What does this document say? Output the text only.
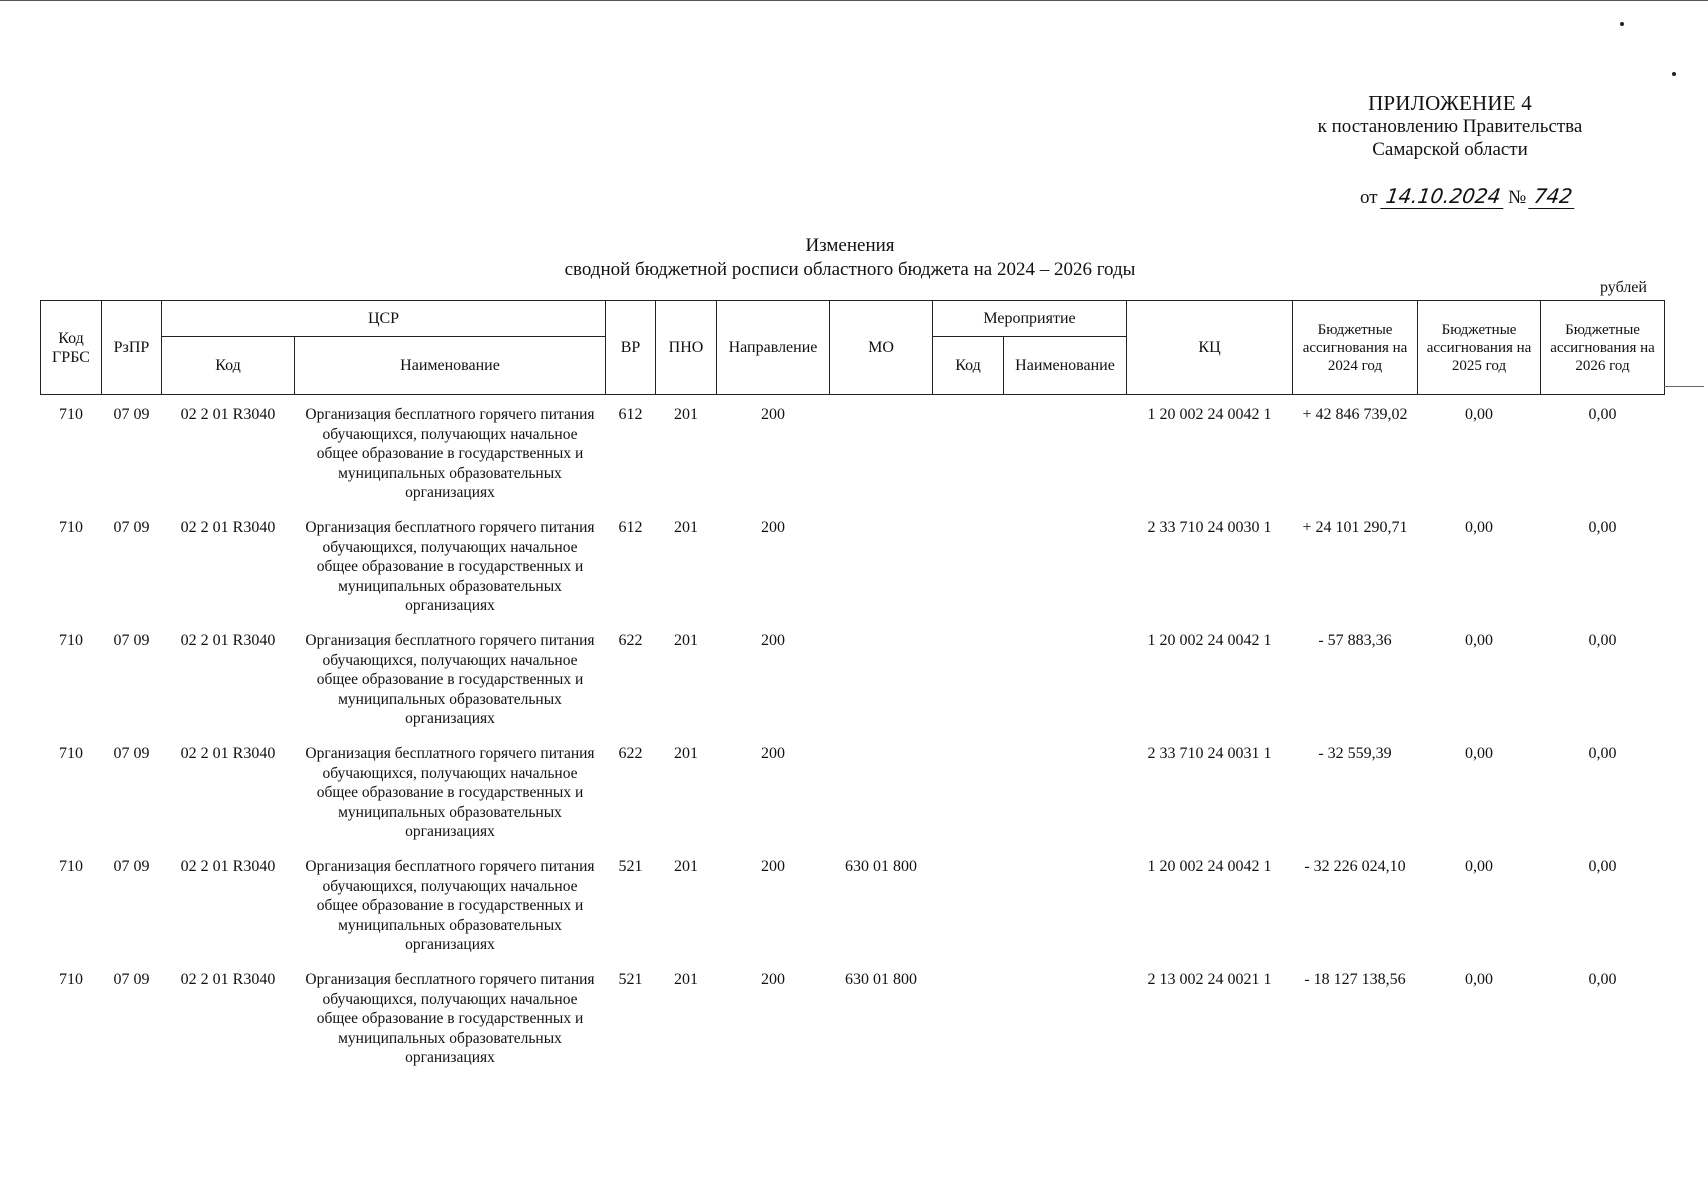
ПРИЛОЖЕНИЕ 4
к постановлению Правительства
Самарской области
от 14.10.2024 № 742
Изменения
сводной бюджетной росписи областного бюджета на 2024 – 2026 годы
рублей
Код ГРБС	РзПР	ЦСР		ВР	ПНО	Направление	МО	Мероприятие		КЦ	Бюджетные ассигнования на 2024 год	Бюджетные ассигнования на 2025 год	Бюджетные ассигнования на 2026 год
		Код	Наименование					Код	Наименование				
710	07 09	02 2 01 R3040	Организация бесплатного горячего питания обучающихся, получающих начальное общее образование в государственных и муниципальных образовательных организациях	612	201	200				1 20 002 24 0042 1	+ 42 846 739,02	0,00	0,00
710	07 09	02 2 01 R3040	Организация бесплатного горячего питания обучающихся, получающих начальное общее образование в государственных и муниципальных образовательных организациях	612	201	200				2 33 710 24 0030 1	+ 24 101 290,71	0,00	0,00
710	07 09	02 2 01 R3040	Организация бесплатного горячего питания обучающихся, получающих начальное общее образование в государственных и муниципальных образовательных организациях	622	201	200				1 20 002 24 0042 1	- 57 883,36	0,00	0,00
710	07 09	02 2 01 R3040	Организация бесплатного горячего питания обучающихся, получающих начальное общее образование в государственных и муниципальных образовательных организациях	622	201	200				2 33 710 24 0031 1	- 32 559,39	0,00	0,00
710	07 09	02 2 01 R3040	Организация бесплатного горячего питания обучающихся, получающих начальное общее образование в государственных и муниципальных образовательных организациях	521	201	200	630 01 800			1 20 002 24 0042 1	- 32 226 024,10	0,00	0,00
710	07 09	02 2 01 R3040	Организация бесплатного горячего питания обучающихся, получающих начальное общее образование в государственных и муниципальных образовательных организациях	521	201	200	630 01 800			2 13 002 24 0021 1	- 18 127 138,56	0,00	0,00
